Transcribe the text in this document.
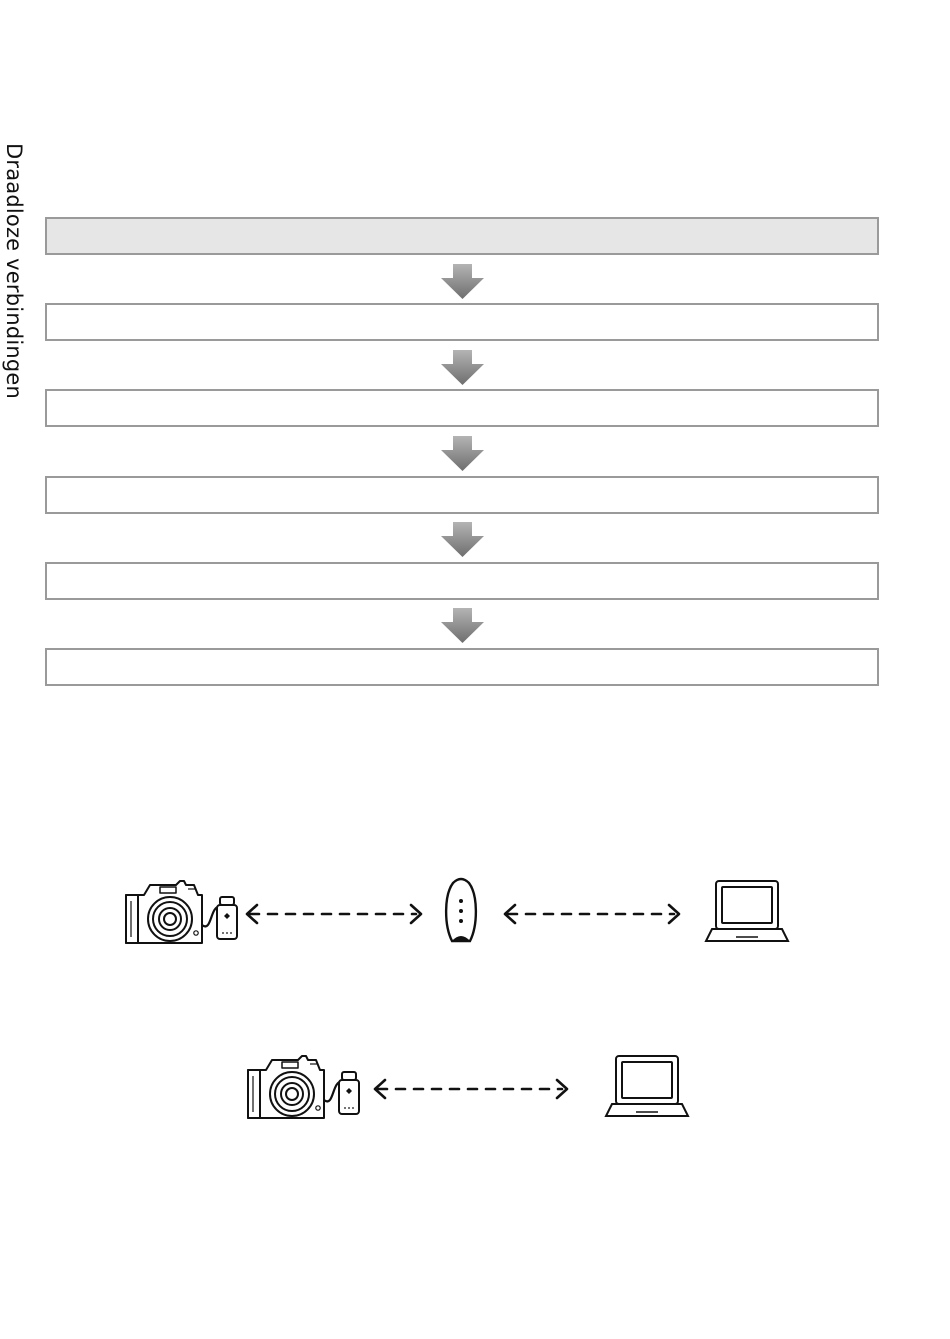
Draadloze verbindingen
